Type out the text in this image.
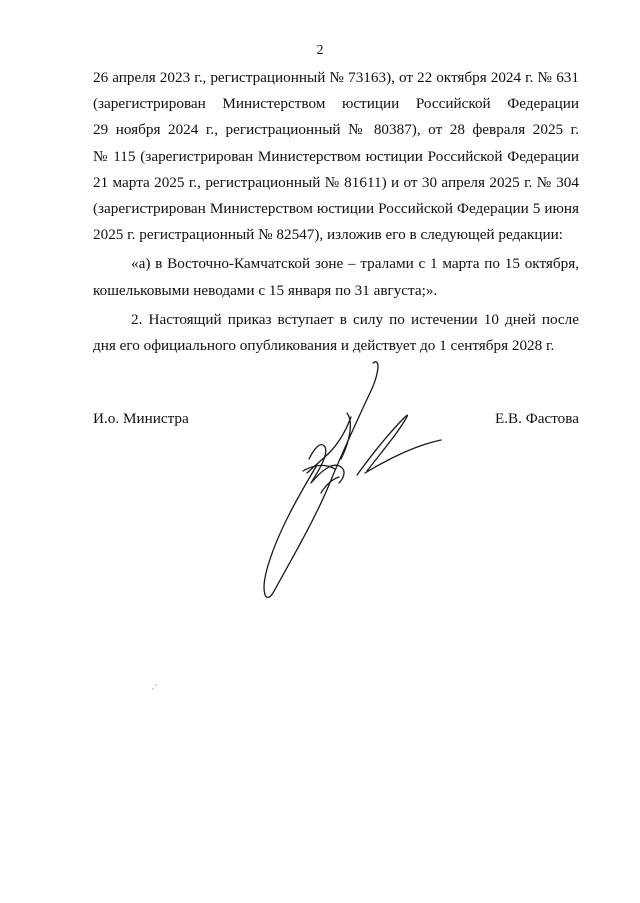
2
26 апреля 2023 г., регистрационный № 73163), от 22 октября 2024 г. № 631
(зарегистрирован Министерством юстиции Российской Федерации
29 ноября 2024 г., регистрационный № 80387), от 28 февраля 2025 г.
№ 115 (зарегистрирован Министерством юстиции Российской Федерации
21 марта 2025 г., регистрационный № 81611) и от 30 апреля 2025 г. № 304
(зарегистрирован Министерством юстиции Российской Федерации 5 июня
2025 г. регистрационный № 82547), изложив его в следующей редакции:
«а) в Восточно-Камчатской зоне – тралами с 1 марта по 15 октября,
кошельковыми неводами с 15 января по 31 августа;».
2. Настоящий приказ вступает в силу по истечении 10 дней после
дня его официального опубликования и действует до 1 сентября 2028 г.
И.о. Министра	Е.В. Фастова
